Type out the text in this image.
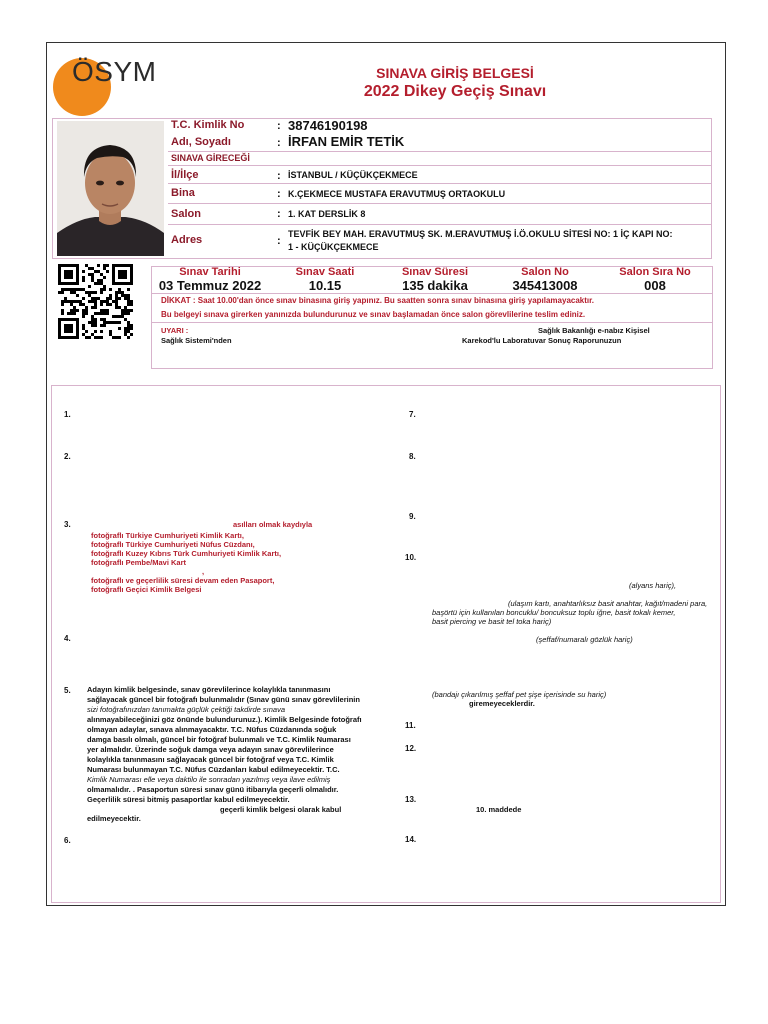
ÖSYM	SINAVA GİRİŞ BELGESİ
2022 Dikey Geçiş Sınavı
T.C. Kimlik No	: 38746190198
Adı, Soyadı	: İRFAN EMİR TETİK
SINAVA GİRECEĞİ
İl/İlçe	: İSTANBUL / KÜÇÜKÇEKMECE
Bina	: K.ÇEKMECE MUSTAFA ERAVUTMUŞ ORTAOKULU
Salon	: 1. KAT DERSLİK 8
Adres	:
TEVFİK BEY MAH. ERAVUTMUŞ SK. M.ERAVUTMUŞ İ.Ö.OKULU SİTESİ NO: 1 İÇ KAPI NO:
1 - KÜÇÜKÇEKMECE
Sınav Tarihi	Sınav Saati	Sınav Süresi	Salon No	Salon Sıra No
03 Temmuz 2022	10.15	135 dakika	345413008	008
DİKKAT : Saat 10.00'dan önce sınav binasına giriş yapınız. Bu saatten sonra sınav binasına giriş yapılamayacaktır.
Bu belgeyi sınava girerken yanınızda bulundurunuz ve sınav başlamadan önce salon görevlilerine teslim ediniz.
UYARI :	Sağlık Bakanlığı e-nabız Kişisel
Sağlık Sistemi'nden	Karekod'lu Laboratuvar Sonuç Raporunuzun
1.
2.
3.
4.
5.
6.
7.
8.
9.
10.
11.
12.
13.
14.
asılları olmak kaydıyla
fotoğraflı Türkiye Cumhuriyeti Kimlik Kartı,
fotoğraflı Türkiye Cumhuriyeti Nüfus Cüzdanı,
fotoğraflı Kuzey Kıbrıs Türk Cumhuriyeti Kimlik Kartı,
fotoğraflı Pembe/Mavi Kart
,
fotoğraflı ve geçerlilik süresi devam eden Pasaport,
fotoğraflı Geçici Kimlik Belgesi
Adayın kimlik belgesinde, sınav görevlilerince kolaylıkla tanınmasını
sağlayacak güncel bir fotoğrafı bulunmalıdır (Sınav günü sınav görevlilerinin
sizi fotoğrafınızdan tanımakta güçlük çektiği takdirde sınava
alınmayabileceğinizi göz önünde bulundurunuz.). Kimlik Belgesinde fotoğrafı
olmayan adaylar, sınava alınmayacaktır. T.C. Nüfus Cüzdanında soğuk
damga basılı olmalı, güncel bir fotoğraf bulunmalı ve T.C. Kimlik Numarası
yer almalıdır. Üzerinde soğuk damga veya adayın sınav görevlilerince
kolaylıkla tanınmasını sağlayacak güncel bir fotoğraf veya T.C. Kimlik
Numarası bulunmayan T.C. Nüfus Cüzdanları kabul edilmeyecektir. T.C.
Kimlik Numarası elle veya daktilo ile sonradan yazılmış veya ilave edilmiş
olmamalıdır. . Pasaportun süresi sınav günü itibarıyla geçerli olmalıdır.
Geçerlilik süresi bitmiş pasaportlar kabul edilmeyecektir.
geçerli kimlik belgesi olarak kabul
edilmeyecektir.
(alyans hariç),
(ulaşım kartı, anahtarlıksız basit anahtar, kağıt/madeni para,
başörtü için kullanılan boncuklu/ boncuksuz toplu iğne, basit tokalı kemer,
basit piercing ve basit tel toka hariç)
(şeffaf/numaralı gözlük hariç)
(bandajı çıkarılmış şeffaf pet şişe içerisinde su hariç)
giremeyeceklerdir.
10. maddede
